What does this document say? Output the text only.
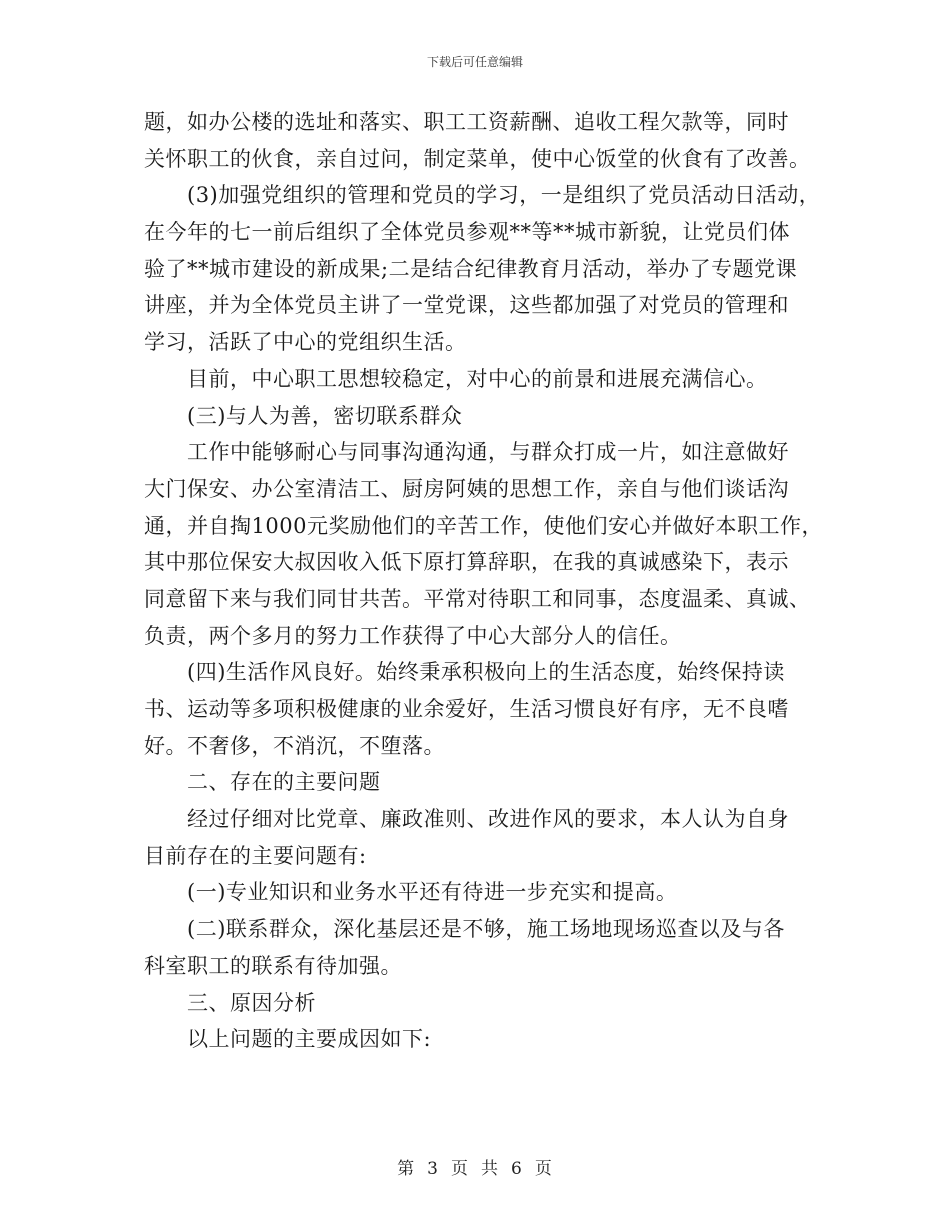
下载后可任意编辑
题，如办公楼的选址和落实、职工工资薪酬、追收工程欠款等，同时
关怀职工的伙食，亲自过问，制定菜单，使中心饭堂的伙食有了改善。
(3)加强党组织的管理和党员的学习，一是组织了党员活动日活动，
在今年的七一前后组织了全体党员参观**等**城市新貌，让党员们体
验了**城市建设的新成果;二是结合纪律教育月活动，举办了专题党课
讲座，并为全体党员主讲了一堂党课，这些都加强了对党员的管理和
学习，活跃了中心的党组织生活。
目前，中心职工思想较稳定，对中心的前景和进展充满信心。
(三)与人为善，密切联系群众
工作中能够耐心与同事沟通沟通，与群众打成一片，如注意做好
大门保安、办公室清洁工、厨房阿姨的思想工作，亲自与他们谈话沟
通，并自掏1000元奖励他们的辛苦工作，使他们安心并做好本职工作，
其中那位保安大叔因收入低下原打算辞职，在我的真诚感染下，表示
同意留下来与我们同甘共苦。平常对待职工和同事，态度温柔、真诚、
负责，两个多月的努力工作获得了中心大部分人的信任。
(四)生活作风良好。始终秉承积极向上的生活态度，始终保持读
书、运动等多项积极健康的业余爱好，生活习惯良好有序，无不良嗜
好。不奢侈，不消沉，不堕落。
二、存在的主要问题
经过仔细对比党章、廉政准则、改进作风的要求，本人认为自身
目前存在的主要问题有:
(一)专业知识和业务水平还有待进一步充实和提高。
(二)联系群众，深化基层还是不够，施工场地现场巡查以及与各
科室职工的联系有待加强。
三、原因分析
以上问题的主要成因如下:
第 3 页 共 6 页
